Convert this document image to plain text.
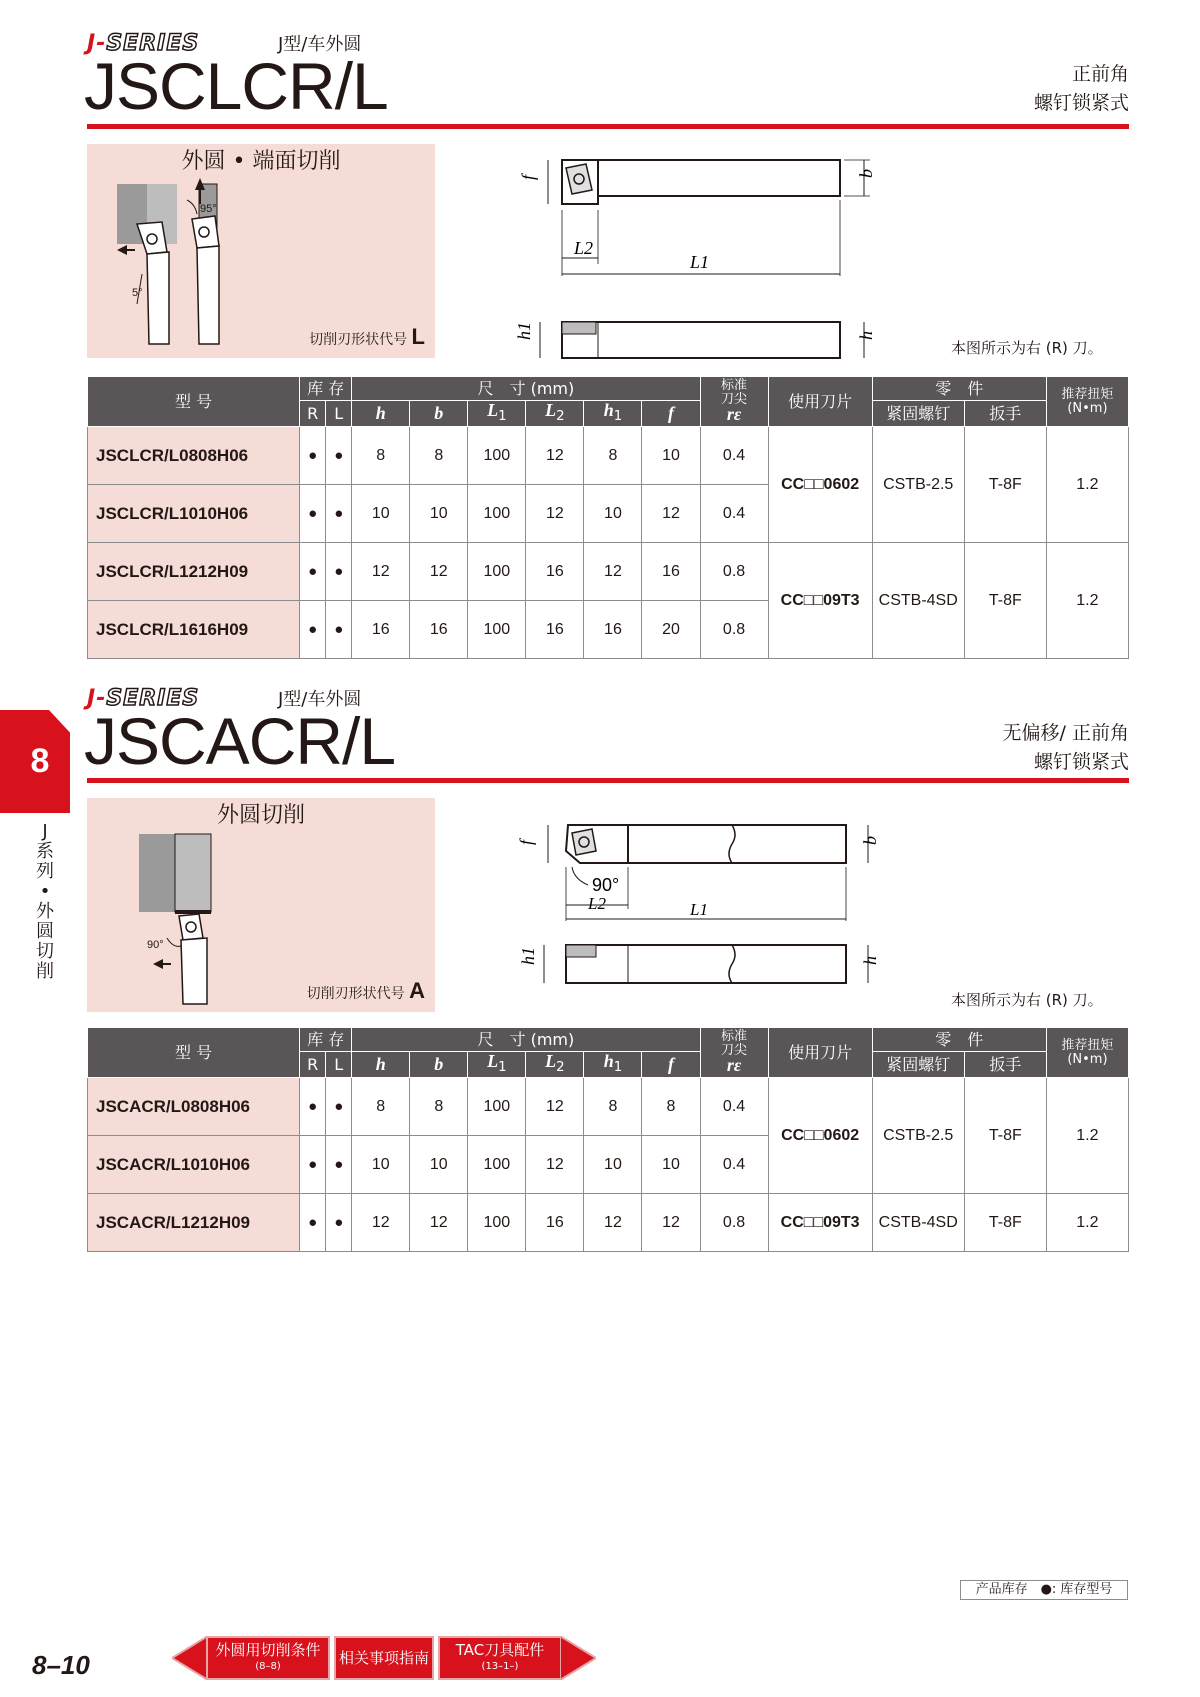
J-SERIES	J型/车外圆
JSCLCR/L	正前角
螺钉锁紧式
外圆 • 端面切削
95°
5°
切削刃形状代号 L
f	b
L2
L1
h1	h
本图所示为右 (R) 刀。
型 号	库 存		尺　寸 (mm)						标准
刀尖
rε	使用刀片	零　件		推荐扭矩
(N•m)
	R	L	h	b	$L_1$	$L_2$	$h_1$	f			紧固螺钉	扳手	
JSCLCR/L0808H06	●	●	8	8	100	12	8	10	0.4	CC□□0602	CSTB-2.5	T-8F	1.2
JSCLCR/L1010H06	●	●	10	10	100	12	10	12	0.4				
JSCLCR/L1212H09	●	●	12	12	100	16	12	16	0.8	CC□□09T3	CSTB-4SD	T-8F	1.2
JSCLCR/L1616H09	●	●	16	16	100	16	16	20	0.8				
8
J系列•外圆切削
J-SERIES	J型/车外圆
JSCACR/L	无偏移/ 正前角
螺钉锁紧式
外圆切削
90°
切削刃形状代号 A
f	b
90°
L2	L1
h1	h
本图所示为右 (R) 刀。
型 号	库 存		尺　寸 (mm)						标准
刀尖
rε	使用刀片	零　件		推荐扭矩
(N•m)
	R	L	h	b	$L_1$	$L_2$	$h_1$	f			紧固螺钉	扳手	
JSCACR/L0808H06	●	●	8	8	100	12	8	8	0.4	CC□□0602	CSTB-2.5	T-8F	1.2
JSCACR/L1010H06	●	●	10	10	100	12	10	10	0.4				
JSCACR/L1212H09	●	●	12	12	100	16	12	12	0.8	CC□□09T3	CSTB-4SD	T-8F	1.2
产品库存　●: 库存型号
8–10	外圆用切削条件
(8–8)	相关事项指南	TAC刀具配件
(13–1–)
